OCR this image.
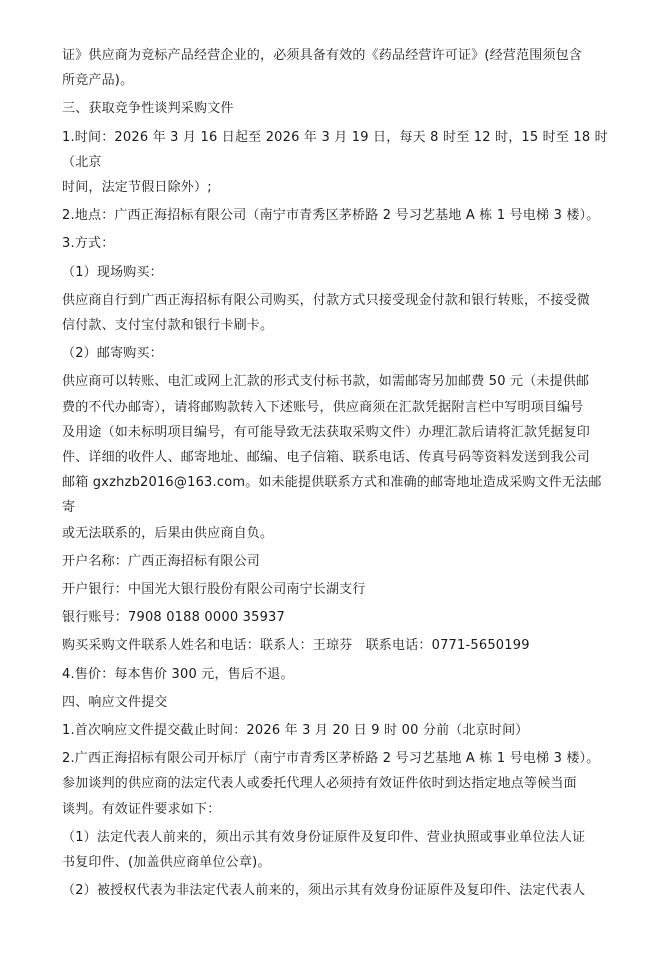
证》供应商为竞标产品经营企业的，必须具备有效的《药品经营许可证》(经营范围须包含

所竞产品)。

三、获取竞争性谈判采购文件

1.时间：2026 年 3 月 16 日起至 2026 年 3 月 19 日，每天 8 时至 12 时，15 时至 18 时（北京

时间，法定节假日除外）;

2.地点：广西正海招标有限公司（南宁市青秀区茅桥路 2 号习艺基地 A 栋 1 号电梯 3 楼）。

3.方式：

（1）现场购买：

供应商自行到广西正海招标有限公司购买，付款方式只接受现金付款和银行转账，不接受微

信付款、支付宝付款和银行卡刷卡。

（2）邮寄购买：

供应商可以转账、电汇或网上汇款的形式支付标书款，如需邮寄另加邮费 50 元（未提供邮

费的不代办邮寄），请将邮购款转入下述账号，供应商须在汇款凭据附言栏中写明项目编号

及用途（如未标明项目编号，有可能导致无法获取采购文件）办理汇款后请将汇款凭据复印

件、详细的收件人、邮寄地址、邮编、电子信箱、联系电话、传真号码等资料发送到我公司

邮箱 gxzhzb2016@163.com。如未能提供联系方式和准确的邮寄地址造成采购文件无法邮寄

或无法联系的，后果由供应商自负。

开户名称：广西正海招标有限公司

开户银行：中国光大银行股份有限公司南宁长湖支行

银行账号：7908 0188 0000 35937

购买采购文件联系人姓名和电话：联系人：王琼芬　联系电话：0771-5650199

4.售价：每本售价 300 元，售后不退。

四、响应文件提交

1.首次响应文件提交截止时间：2026 年 3 月 20 日 9 时 00 分前（北京时间）

2.广西正海招标有限公司开标厅（南宁市青秀区茅桥路 2 号习艺基地 A 栋 1 号电梯 3 楼）。

参加谈判的供应商的法定代表人或委托代理人必须持有效证件依时到达指定地点等候当面

谈判。有效证件要求如下：

（1）法定代表人前来的，须出示其有效身份证原件及复印件、营业执照或事业单位法人证

书复印件、(加盖供应商单位公章)。

（2）被授权代表为非法定代表人前来的，须出示其有效身份证原件及复印件、法定代表人
